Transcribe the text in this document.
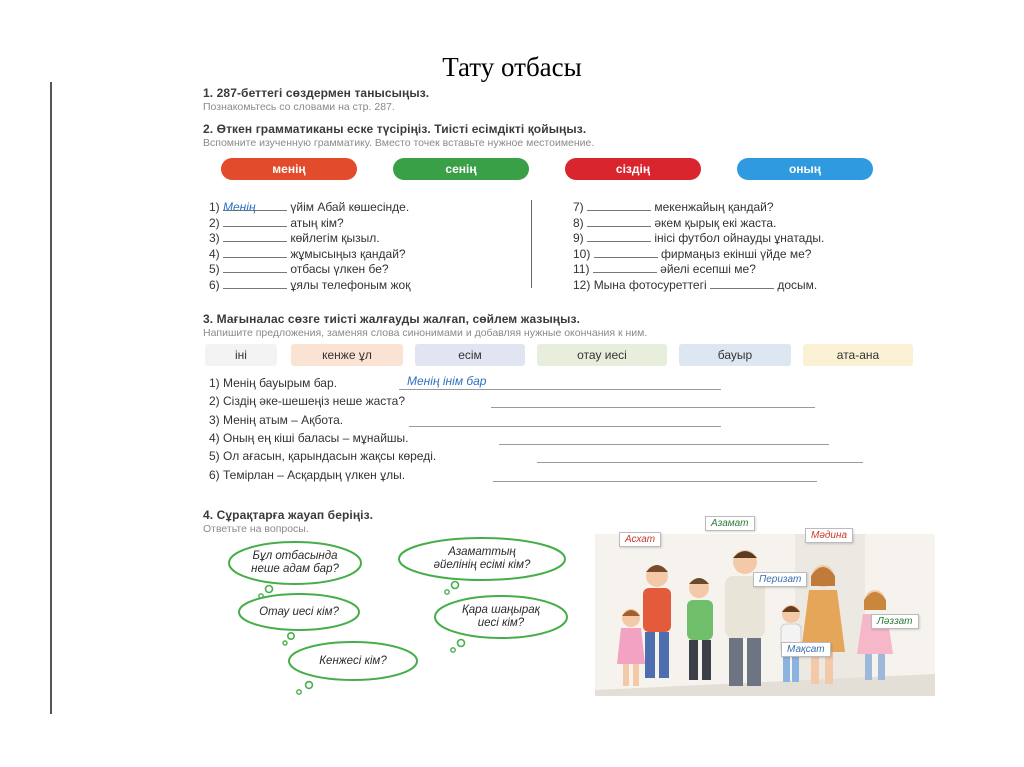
Тату отбасы
1. 287-беттегі сөздермен танысыңыз.
Познакомьтесь со словами на стр. 287.
2. Өткен грамматиканы еске түсіріңіз. Тиісті есімдікті қойыңыз.
Вспомните изученную грамматику. Вместо точек вставьте нужное местоимение.
менің	сенің	сіздің	оның
1) Менің	үйім Абай көшесінде.
2)	атың кім?
3)	көйлегім қызыл.
4)	жұмысыңыз қандай?
5)	отбасы үлкен бе?
6)	ұялы телефоным жоқ
7)	мекенжайың қандай?
8)	әкем қырық екі жаста.
9)	інісі футбол ойнауды ұнатады.
10)	фирмаңыз екінші үйде ме?
11)	әйелі есепші ме?
12) Мына фотосуреттегі	досым.
3. Мағыналас сөзге тиісті жалғауды жалғап, сөйлем жазыңыз.
Напишите предложения, заменяя слова синонимами и добавляя нужные окончания к ним.
іні	кенже ұл	есім	отау иесі	бауыр	ата-ана
1) Менің бауырым бар.	Менің інім бар
2) Сіздің әке-шешеңіз неше жаста?
3) Менің атым – Ақбота.
4) Оның ең кіші баласы – мұнайшы.
5) Ол ағасын, қарындасын жақсы көреді.
6) Темірлан – Асқардың үлкен ұлы.
4. Сұрақтарға жауап беріңіз.
Ответьте на вопросы.
Бұл отбасында
неше адам бар?
Азаматтың
әйелінің есімі кім?
Отау иесі кім?	Қара шаңырақ
иесі кім?
Кенжесі кім?
Азамат
Асхат	Мәдина
Перизат
Ләззат
Мақсат
